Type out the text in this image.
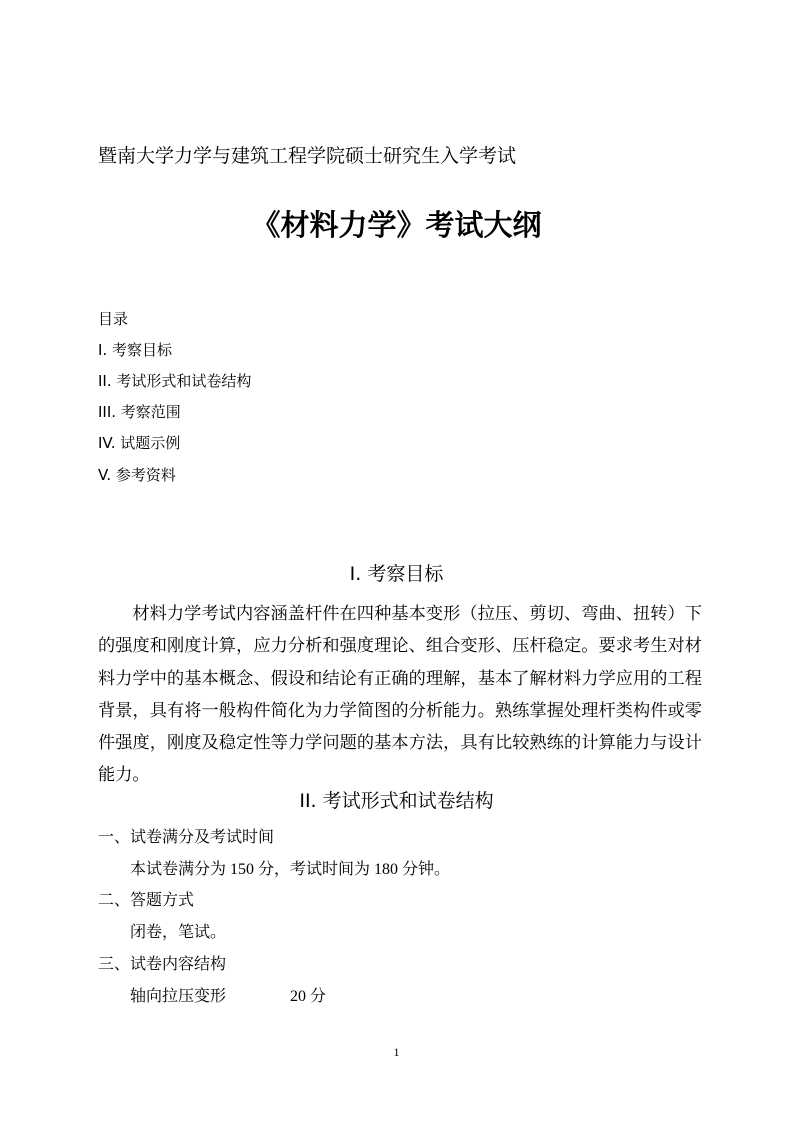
暨南大学力学与建筑工程学院硕士研究生入学考试
《材料力学》考试大纲
目录
I. 考察目标
II. 考试形式和试卷结构
III. 考察范围
IV. 试题示例
V. 参考资料
I. 考察目标
材料力学考试内容涵盖杆件在四种基本变形（拉压、剪切、弯曲、扭转）下的强度和刚度计算，应力分析和强度理论、组合变形、压杆稳定。要求考生对材料力学中的基本概念、假设和结论有正确的理解，基本了解材料力学应用的工程背景，具有将一般构件简化为力学简图的分析能力。熟练掌握处理杆类构件或零件强度，刚度及稳定性等力学问题的基本方法，具有比较熟练的计算能力与设计能力。
II. 考试形式和试卷结构
一、试卷满分及考试时间
本试卷满分为 150 分，考试时间为 180 分钟。
二、答题方式
闭卷，笔试。
三、试卷内容结构
轴向拉压变形	20 分
1
